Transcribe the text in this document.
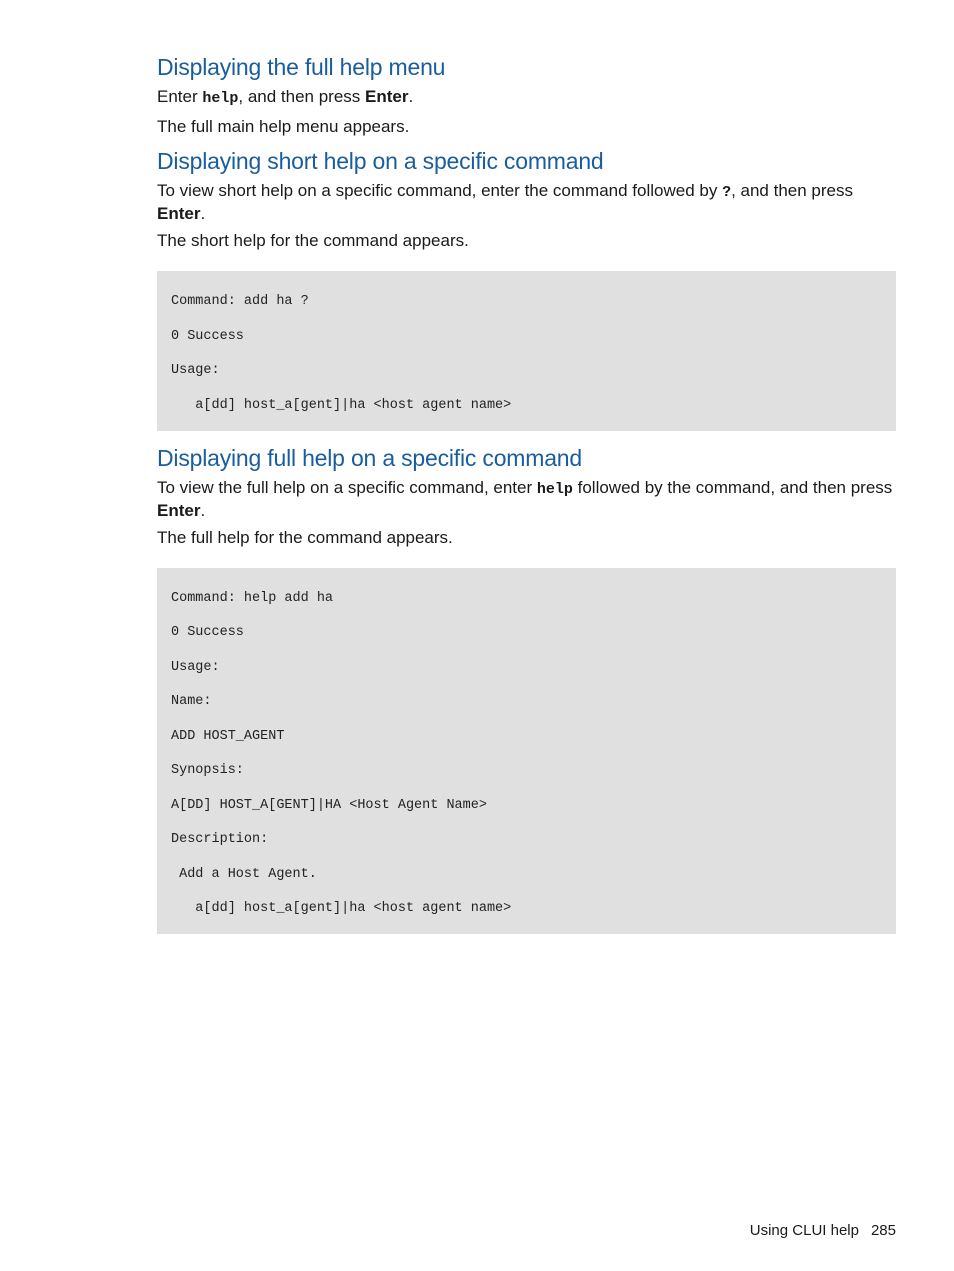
Displaying the full help menu

Enter help, and then press Enter.

The full main help menu appears.

Displaying short help on a specific command

To view short help on a specific command, enter the command followed by ?, and then press Enter.

The short help for the command appears.

Command: add ha ?
0 Success
Usage:
a[dd] host_a[gent]|ha <host agent name>
Displaying full help on a specific command

To view the full help on a specific command, enter help followed by the command, and then press Enter.

The full help for the command appears.

Command: help add ha
0 Success
Usage:
Name:
ADD HOST_AGENT
Synopsis:
A[DD] HOST_A[GENT]|HA <Host Agent Name>
Description:
Add a Host Agent.
a[dd] host_a[gent]|ha <host agent name>
Using CLUI help 285
